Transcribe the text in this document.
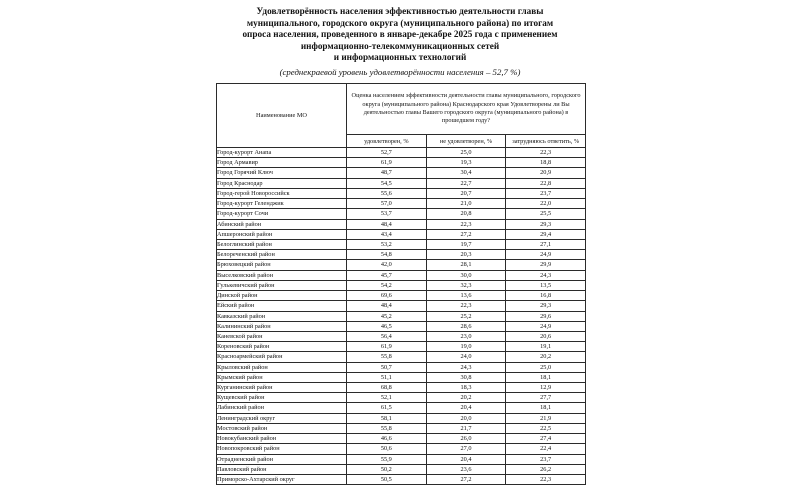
Удовлетворённость населения эффективностью деятельности главы
муниципального, городского округа (муниципального района) по итогам
опроса населения, проведенного в январе-декабре 2025 года с применением
информационно-телекоммуникационных сетей
и информационных технологий
(среднекраевой уровень удовлетворённости населения – 52,7 %)
Наименование МО	Оценка населением эффективности деятельности главы муниципального, городского округа (муниципального района) Краснодарского края Удовлетворены ли Вы деятельностью главы Вашего городского округа (муниципального района) в прошедшем году?		
	удовлетворен, %	не удовлетворен, %	затрудняюсь ответить, %
Город-курорт Анапа	52,7	25,0	22,3
Город Армавир	61,9	19,3	18,8
Город Горячий Ключ	48,7	30,4	20,9
Город Краснодар	54,5	22,7	22,8
Город-герой Новороссийск	55,6	20,7	23,7
Город-курорт Геленджик	57,0	21,0	22,0
Город-курорт Сочи	53,7	20,8	25,5
Абинский район	48,4	22,3	29,3
Апшеронский район	43,4	27,2	29,4
Белоглинский район	53,2	19,7	27,1
Белореченский район	54,8	20,3	24,9
Брюховецкий район	42,0	28,1	29,9
Выселковский район	45,7	30,0	24,3
Гулькевичский район	54,2	32,3	13,5
Динской район	69,6	13,6	16,8
Ейский район	48,4	22,3	29,3
Кавказский район	45,2	25,2	29,6
Калининский район	46,5	28,6	24,9
Каневской район	56,4	23,0	20,6
Кореновский район	61,9	19,0	19,1
Красноармейский район	55,8	24,0	20,2
Крыловский район	50,7	24,3	25,0
Крымский район	51,1	30,8	18,1
Курганинский район	68,8	18,3	12,9
Кущевский район	52,1	20,2	27,7
Лабинский район	61,5	20,4	18,1
Ленинградский округ	58,1	20,0	21,9
Мостовский район	55,8	21,7	22,5
Новокубанский район	46,6	26,0	27,4
Новопокровский район	50,6	27,0	22,4
Отрадненский район	55,9	20,4	23,7
Павловский район	50,2	23,6	26,2
Приморско-Ахтарский округ	50,5	27,2	22,3
